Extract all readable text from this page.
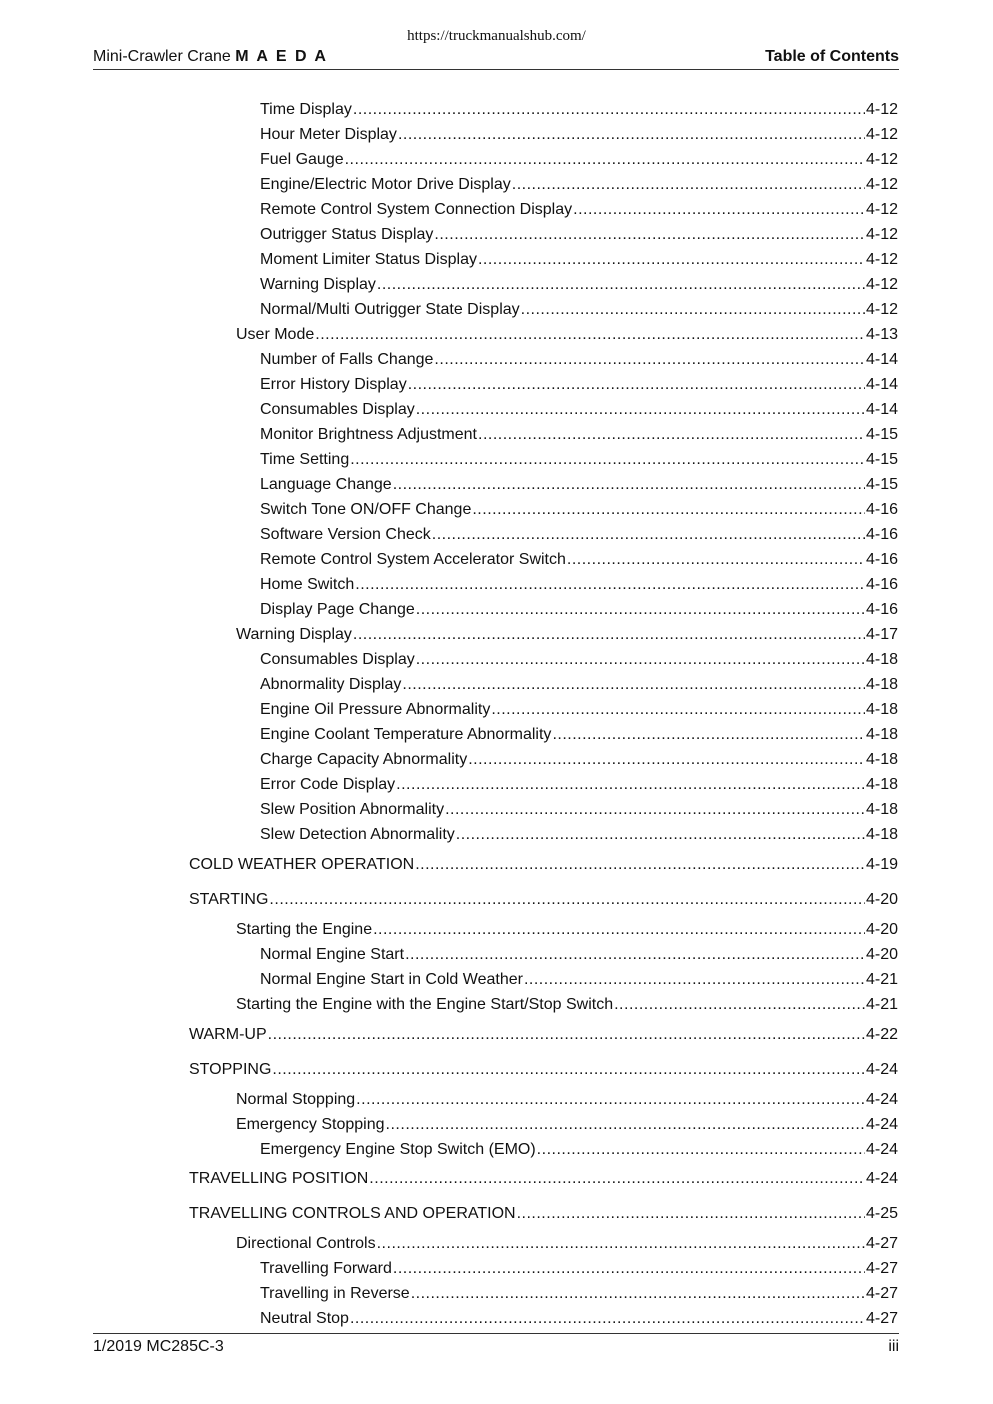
https://truckmanualshub.com/
Mini-Crawler Crane M A E D A	Table of Contents
Time Display .....	4-12
Hour Meter Display .....	4-12
Fuel Gauge .....	4-12
Engine/Electric Motor Drive Display .....	4-12
Remote Control System Connection Display .....	4-12
Outrigger Status Display .....	4-12
Moment Limiter Status Display .....	4-12
Warning Display .....	4-12
Normal/Multi Outrigger State Display .....	4-12
User Mode .....	4-13
Number of Falls Change .....	4-14
Error History Display .....	4-14
Consumables Display .....	4-14
Monitor Brightness Adjustment .....	4-15
Time Setting .....	4-15
Language Change .....	4-15
Switch Tone ON/OFF Change .....	4-16
Software Version Check .....	4-16
Remote Control System Accelerator Switch .....	4-16
Home Switch .....	4-16
Display Page Change .....	4-16
Warning Display .....	4-17
Consumables Display .....	4-18
Abnormality Display .....	4-18
Engine Oil Pressure Abnormality .....	4-18
Engine Coolant Temperature Abnormality .....	4-18
Charge Capacity Abnormality .....	4-18
Error Code Display .....	4-18
Slew Position Abnormality .....	4-18
Slew Detection Abnormality .....	4-18
COLD WEATHER OPERATION .....	4-19
STARTING .....	4-20
Starting the Engine .....	4-20
Normal Engine Start .....	4-20
Normal Engine Start in Cold Weather .....	4-21
Starting the Engine with the Engine Start/Stop Switch .....	4-21
WARM-UP .....	4-22
STOPPING .....	4-24
Normal Stopping .....	4-24
Emergency Stopping .....	4-24
Emergency Engine Stop Switch (EMO) .....	4-24
TRAVELLING POSITION .....	4-24
TRAVELLING CONTROLS AND OPERATION .....	4-25
Directional Controls .....	4-27
Travelling Forward .....	4-27
Travelling in Reverse .....	4-27
Neutral Stop .....	4-27
1/2019 MC285C-3	iii
